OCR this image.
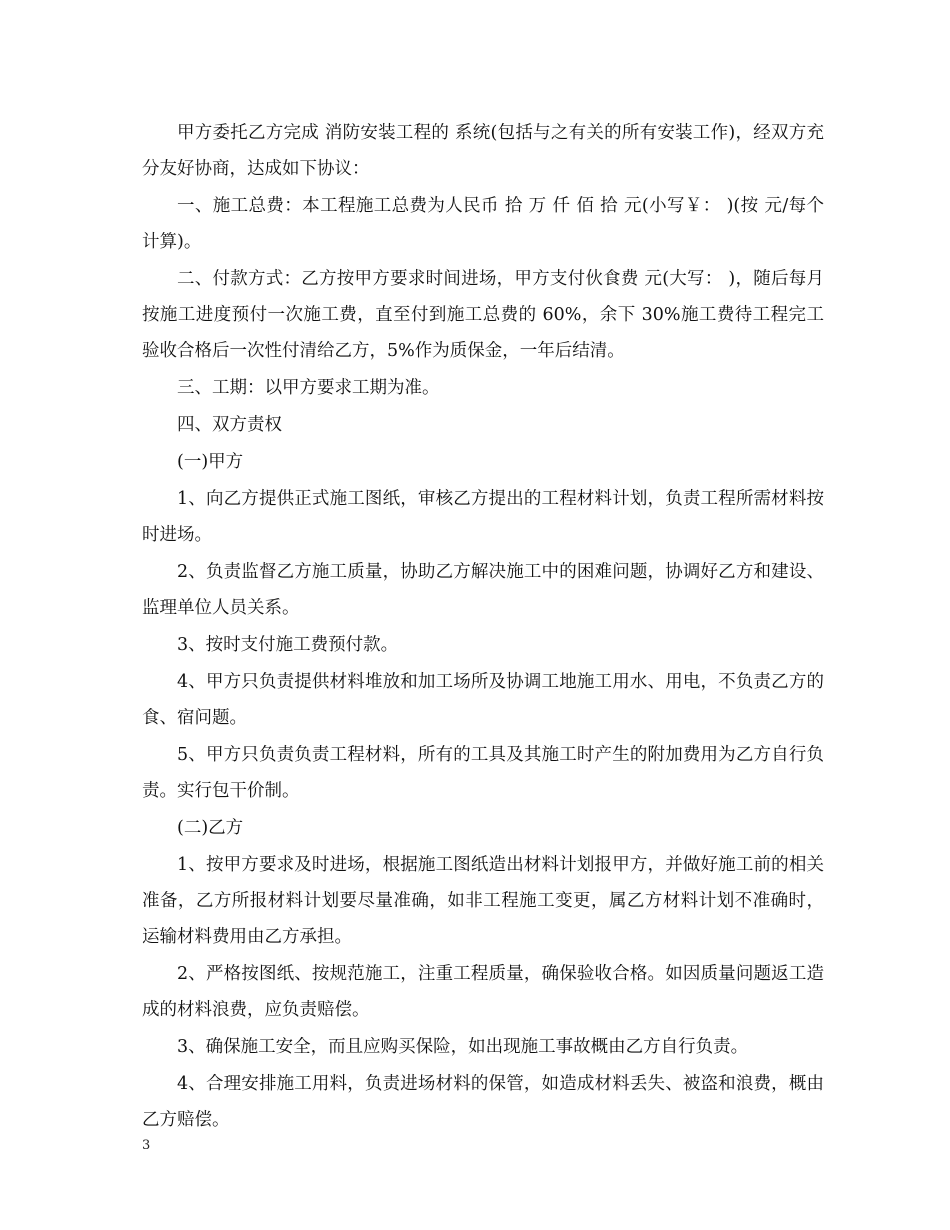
甲方委托乙方完成 消防安装工程的 系统(包括与之有关的所有安装工作)，经双方充分友好协商，达成如下协议：

一、施工总费：本工程施工总费为人民币 拾 万 仟 佰 拾 元(小写￥： )(按 元/每个 计算)。

二、付款方式：乙方按甲方要求时间进场，甲方支付伙食费 元(大写： )，随后每月按施工进度预付一次施工费，直至付到施工总费的 60%，余下 30%施工费待工程完工验收合格后一次性付清给乙方，5%作为质保金，一年后结清。

三、工期：以甲方要求工期为准。

四、双方责权

(一)甲方

1、向乙方提供正式施工图纸，审核乙方提出的工程材料计划，负责工程所需材料按时进场。

2、负责监督乙方施工质量，协助乙方解决施工中的困难问题，协调好乙方和建设、监理单位人员关系。

3、按时支付施工费预付款。

4、甲方只负责提供材料堆放和加工场所及协调工地施工用水、用电，不负责乙方的食、宿问题。

5、甲方只负责负责工程材料，所有的工具及其施工时产生的附加费用为乙方自行负责。实行包干价制。

(二)乙方

1、按甲方要求及时进场，根据施工图纸造出材料计划报甲方，并做好施工前的相关准备，乙方所报材料计划要尽量准确，如非工程施工变更，属乙方材料计划不准确时，运输材料费用由乙方承担。

2、严格按图纸、按规范施工，注重工程质量，确保验收合格。如因质量问题返工造成的材料浪费，应负责赔偿。

3、确保施工安全，而且应购买保险，如出现施工事故概由乙方自行负责。

4、合理安排施工用料，负责进场材料的保管，如造成材料丢失、被盗和浪费，概由乙方赔偿。

3
